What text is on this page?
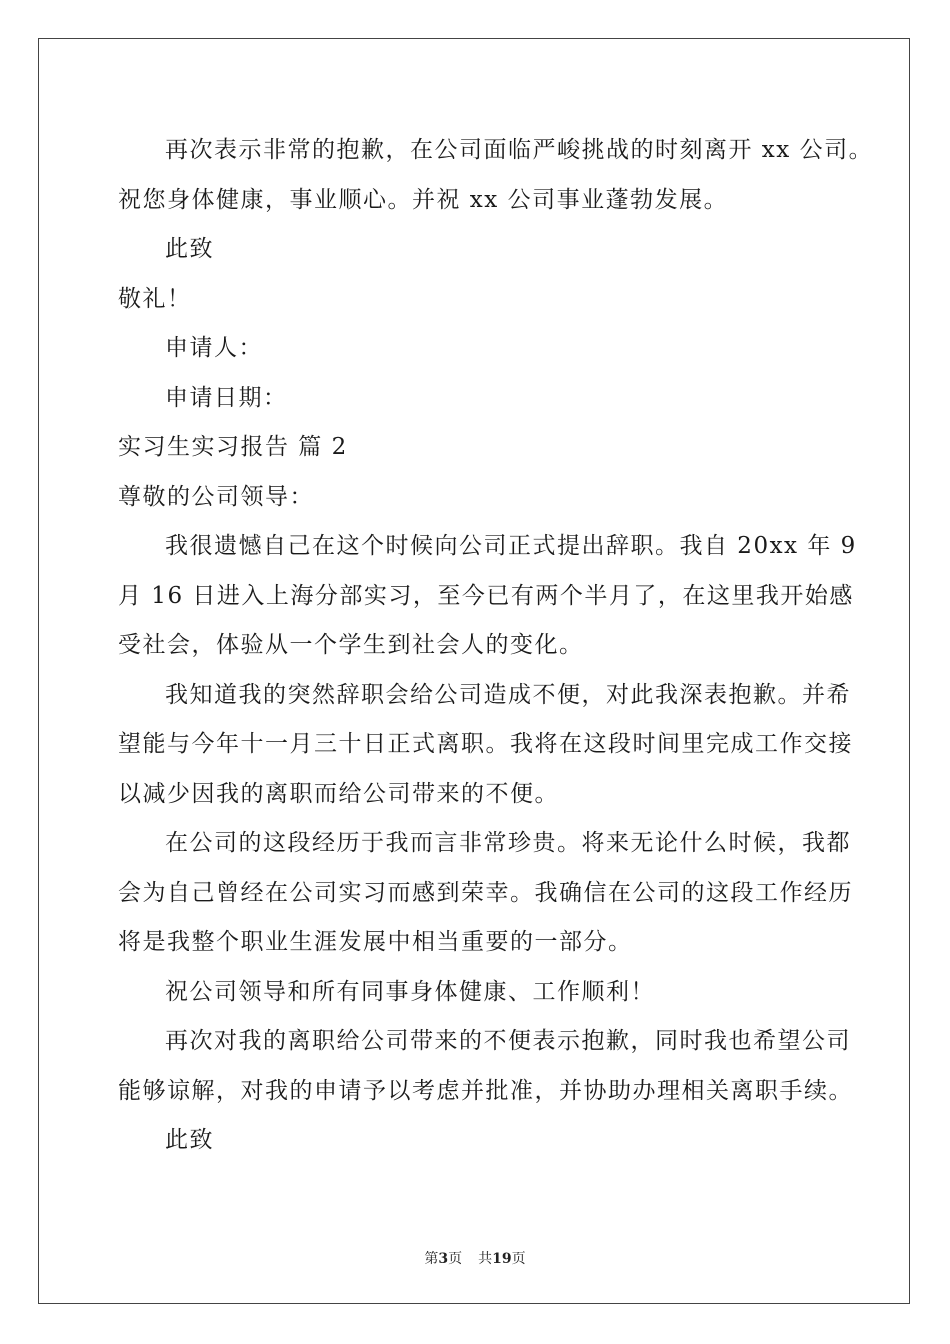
再次表示非常的抱歉，在公司面临严峻挑战的时刻离开 xx 公司。
祝您身体健康，事业顺心。并祝 xx 公司事业蓬勃发展。
此致
敬礼！
申请人：
申请日期：
实习生实习报告 篇 2
尊敬的公司领导：
我很遗憾自己在这个时候向公司正式提出辞职。我自 20xx 年 9
月 16 日进入上海分部实习，至今已有两个半月了，在这里我开始感
受社会，体验从一个学生到社会人的变化。
我知道我的突然辞职会给公司造成不便，对此我深表抱歉。并希
望能与今年十一月三十日正式离职。我将在这段时间里完成工作交接
以减少因我的离职而给公司带来的不便。
在公司的这段经历于我而言非常珍贵。将来无论什么时候，我都
会为自己曾经在公司实习而感到荣幸。我确信在公司的这段工作经历
将是我整个职业生涯发展中相当重要的一部分。
祝公司领导和所有同事身体健康、工作顺利！
再次对我的离职给公司带来的不便表示抱歉，同时我也希望公司
能够谅解，对我的申请予以考虑并批准，并协助办理相关离职手续。
此致
第3页 共19页
